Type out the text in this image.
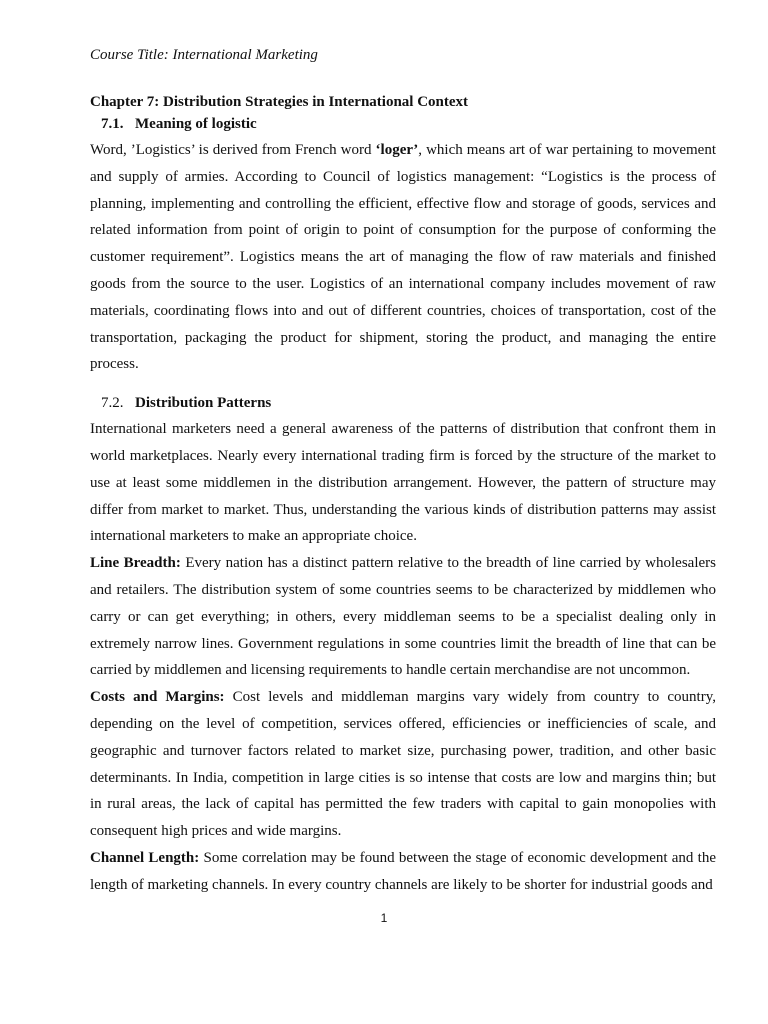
Course Title: International Marketing
Chapter 7: Distribution Strategies in International Context
7.1. Meaning of logistic

Word, ’Logistics’ is derived from French word ‘loger’, which means art of war pertaining to movement and supply of armies. According to Council of logistics management: “Logistics is the process of planning, implementing and controlling the efficient, effective flow and storage of goods, services and related information from point of origin to point of consumption for the purpose of conforming the customer requirement”. Logistics means the art of managing the flow of raw materials and finished goods from the source to the user. Logistics of an international company includes movement of raw materials, coordinating flows into and out of different countries, choices of transportation, cost of the transportation, packaging the product for shipment, storing the product, and managing the entire process.

7.2. Distribution Patterns

International marketers need a general awareness of the patterns of distribution that confront them in world marketplaces. Nearly every international trading firm is forced by the structure of the market to use at least some middlemen in the distribution arrangement. However, the pattern of structure may differ from market to market. Thus, understanding the various kinds of distribution patterns may assist international marketers to make an appropriate choice.

Line Breadth: Every nation has a distinct pattern relative to the breadth of line carried by wholesalers and retailers. The distribution system of some countries seems to be characterized by middlemen who carry or can get everything; in others, every middleman seems to be a specialist dealing only in extremely narrow lines. Government regulations in some countries limit the breadth of line that can be carried by middlemen and licensing requirements to handle certain merchandise are not uncommon.

Costs and Margins: Cost levels and middleman margins vary widely from country to country, depending on the level of competition, services offered, efficiencies or inefficiencies of scale, and geographic and turnover factors related to market size, purchasing power, tradition, and other basic determinants. In India, competition in large cities is so intense that costs are low and margins thin; but in rural areas, the lack of capital has permitted the few traders with capital to gain monopolies with consequent high prices and wide margins.

Channel Length: Some correlation may be found between the stage of economic development and the length of marketing channels. In every country channels are likely to be shorter for industrial goods and

1
